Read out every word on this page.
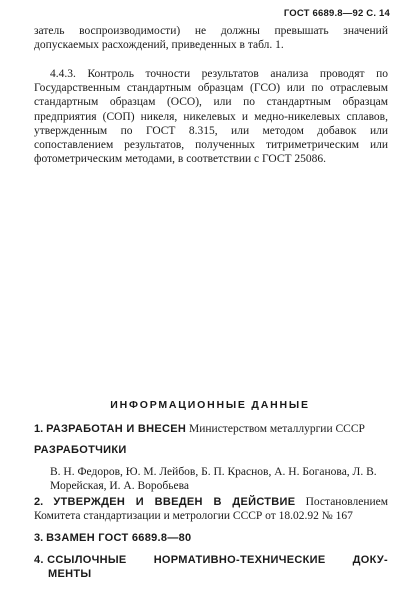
ГОСТ 6689.8—92 С. 14
затель воспроизводимости) не должны превышать значений допускаемых расхождений, приведенных в табл. 1.
4.4.3. Контроль точности результатов анализа проводят по Государственным стандартным образцам (ГСО) или по отраслевым стандартным образцам (ОСО), или по стандартным образцам предприятия (СОП) никеля, никелевых и медно-никелевых сплавов, утвержденным по ГОСТ 8.315, или методом добавок или сопоставлением результатов, полученных титриметрическим или фотометрическим методами, в соответствии с ГОСТ 25086.
ИНФОРМАЦИОННЫЕ ДАННЫЕ
1. РАЗРАБОТАН И ВНЕСЕН Министерством металлургии СССР
РАЗРАБОТЧИКИ
В. Н. Федоров, Ю. М. Лейбов, Б. П. Краснов, А. Н. Боганова, Л. В. Морейская, И. А. Воробьева
2. УТВЕРЖДЕН И ВВЕДЕН В ДЕЙСТВИЕ Постановлением Комитета стандартизации и метрологии СССР от 18.02.92 № 167
3. ВЗАМЕН ГОСТ 6689.8—80
4. ССЫЛОЧНЫЕ НОРМАТИВНО-ТЕХНИЧЕСКИЕ ДОКУ-
МЕНТЫ
